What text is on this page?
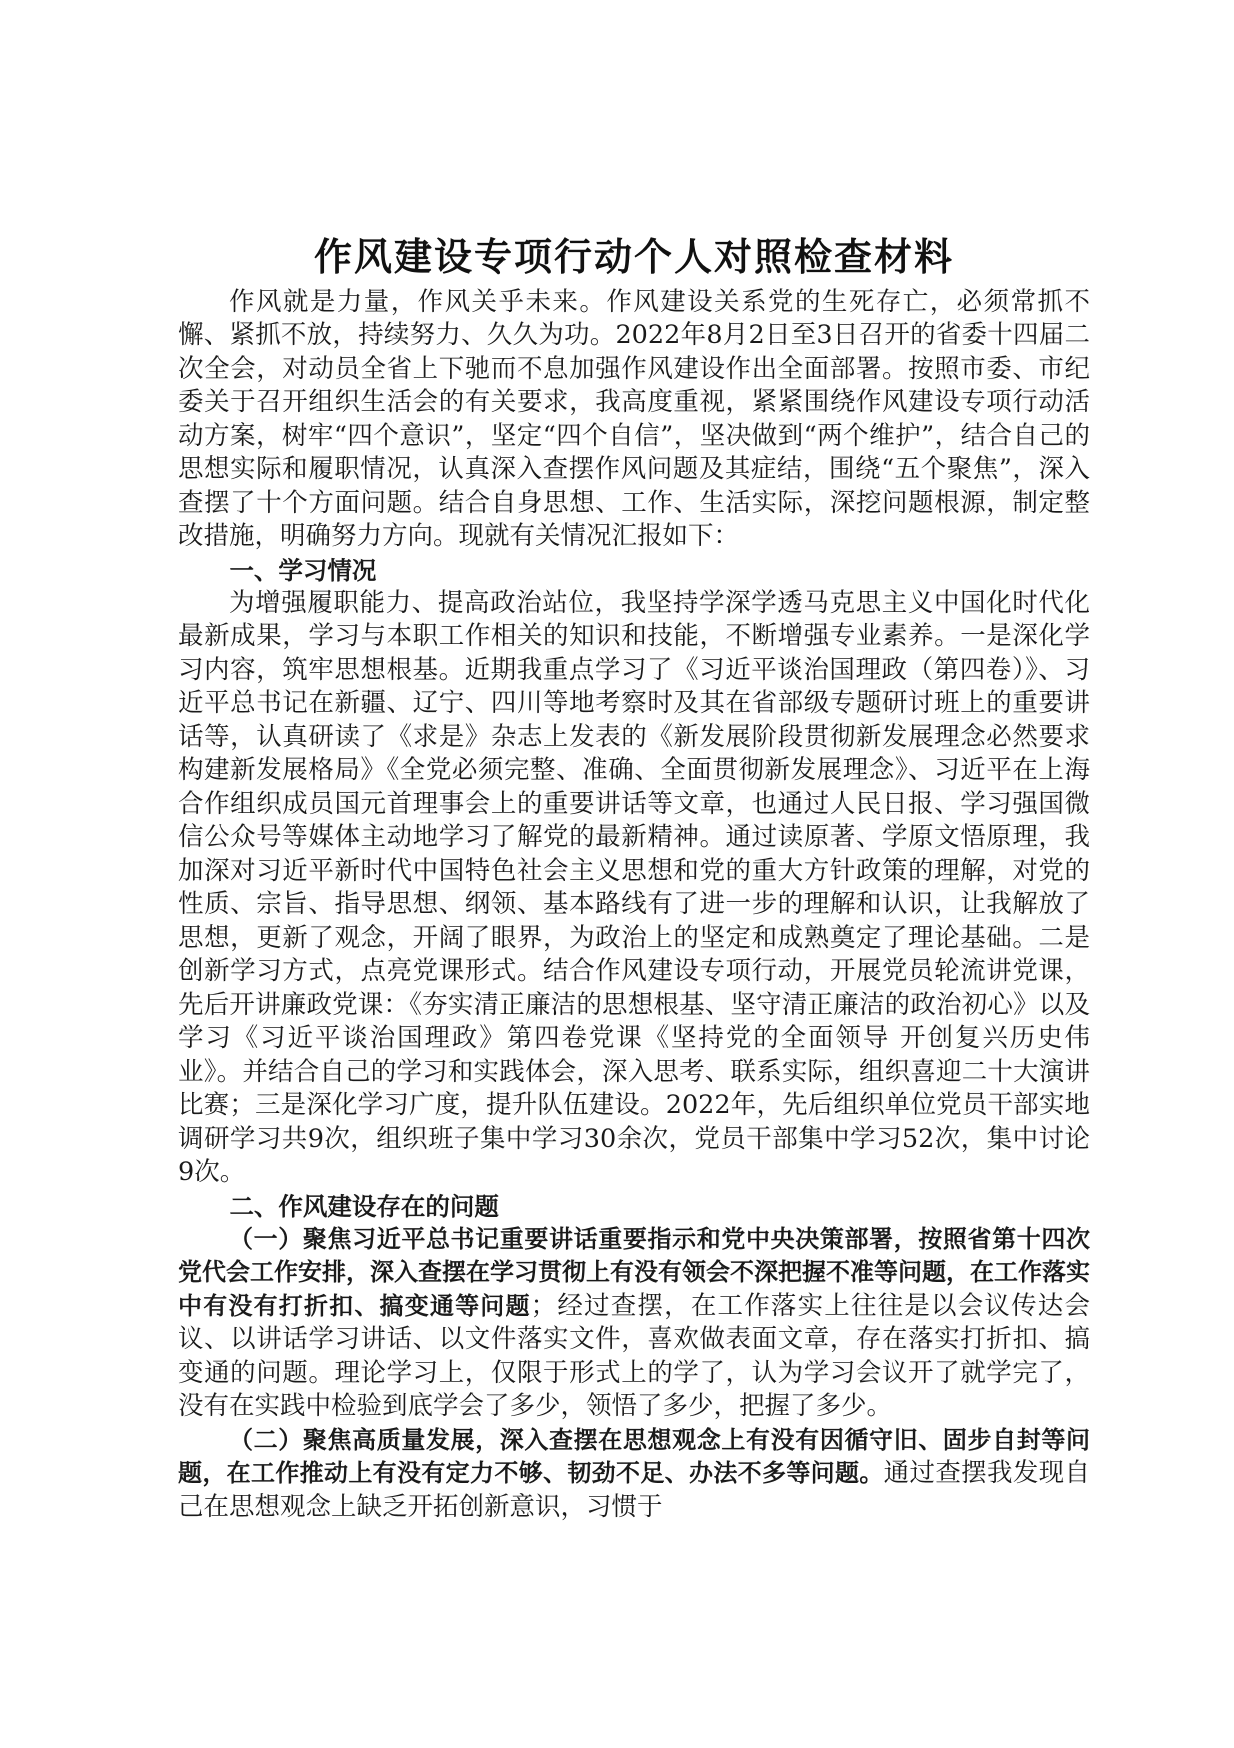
作风建设专项行动个人对照检查材料

作风就是力量，作风关乎未来。作风建设关系党的生死存亡，必须常抓不懈、紧抓不放，持续努力、久久为功。2022年8月2日至3日召开的省委十四届二次全会，对动员全省上下驰而不息加强作风建设作出全面部署。按照市委、市纪委关于召开组织生活会的有关要求，我高度重视，紧紧围绕作风建设专项行动活动方案，树牢“四个意识”，坚定“四个自信”，坚决做到“两个维护”，结合自己的思想实际和履职情况，认真深入查摆作风问题及其症结，围绕“五个聚焦”，深入查摆了十个方面问题。结合自身思想、工作、生活实际，深挖问题根源，制定整改措施，明确努力方向。现就有关情况汇报如下：

一、学习情况

为增强履职能力、提高政治站位，我坚持学深学透马克思主义中国化时代化最新成果，学习与本职工作相关的知识和技能，不断增强专业素养。一是深化学习内容，筑牢思想根基。近期我重点学习了《习近平谈治国理政（第四卷）》、习近平总书记在新疆、辽宁、四川等地考察时及其在省部级专题研讨班上的重要讲话等，认真研读了《求是》杂志上发表的《新发展阶段贯彻新发展理念必然要求构建新发展格局》《全党必须完整、准确、全面贯彻新发展理念》、习近平在上海合作组织成员国元首理事会上的重要讲话等文章，也通过人民日报、学习强国微信公众号等媒体主动地学习了解党的最新精神。通过读原著、学原文悟原理，我加深对习近平新时代中国特色社会主义思想和党的重大方针政策的理解，对党的性质、宗旨、指导思想、纲领、基本路线有了进一步的理解和认识，让我解放了思想，更新了观念，开阔了眼界，为政治上的坚定和成熟奠定了理论基础。二是创新学习方式，点亮党课形式。结合作风建设专项行动，开展党员轮流讲党课，先后开讲廉政党课：《夯实清正廉洁的思想根基、坚守清正廉洁的政治初心》以及学习《习近平谈治国理政》第四卷党课《坚持党的全面领导 开创复兴历史伟业》。并结合自己的学习和实践体会，深入思考、联系实际，组织喜迎二十大演讲比赛；三是深化学习广度，提升队伍建设。2022年，先后组织单位党员干部实地调研学习共9次，组织班子集中学习30余次，党员干部集中学习52次，集中讨论9次。

二、作风建设存在的问题

（一）聚焦习近平总书记重要讲话重要指示和党中央决策部署，按照省第十四次党代会工作安排，深入查摆在学习贯彻上有没有领会不深把握不准等问题，在工作落实中有没有打折扣、搞变通等问题；经过查摆，在工作落实上往往是以会议传达会议、以讲话学习讲话、以文件落实文件，喜欢做表面文章，存在落实打折扣、搞变通的问题。理论学习上，仅限于形式上的学了，认为学习会议开了就学完了，没有在实践中检验到底学会了多少，领悟了多少，把握了多少。

（二）聚焦高质量发展，深入查摆在思想观念上有没有因循守旧、固步自封等问题，在工作推动上有没有定力不够、韧劲不足、办法不多等问题。通过查摆我发现自己在思想观念上缺乏开拓创新意识，习惯于
